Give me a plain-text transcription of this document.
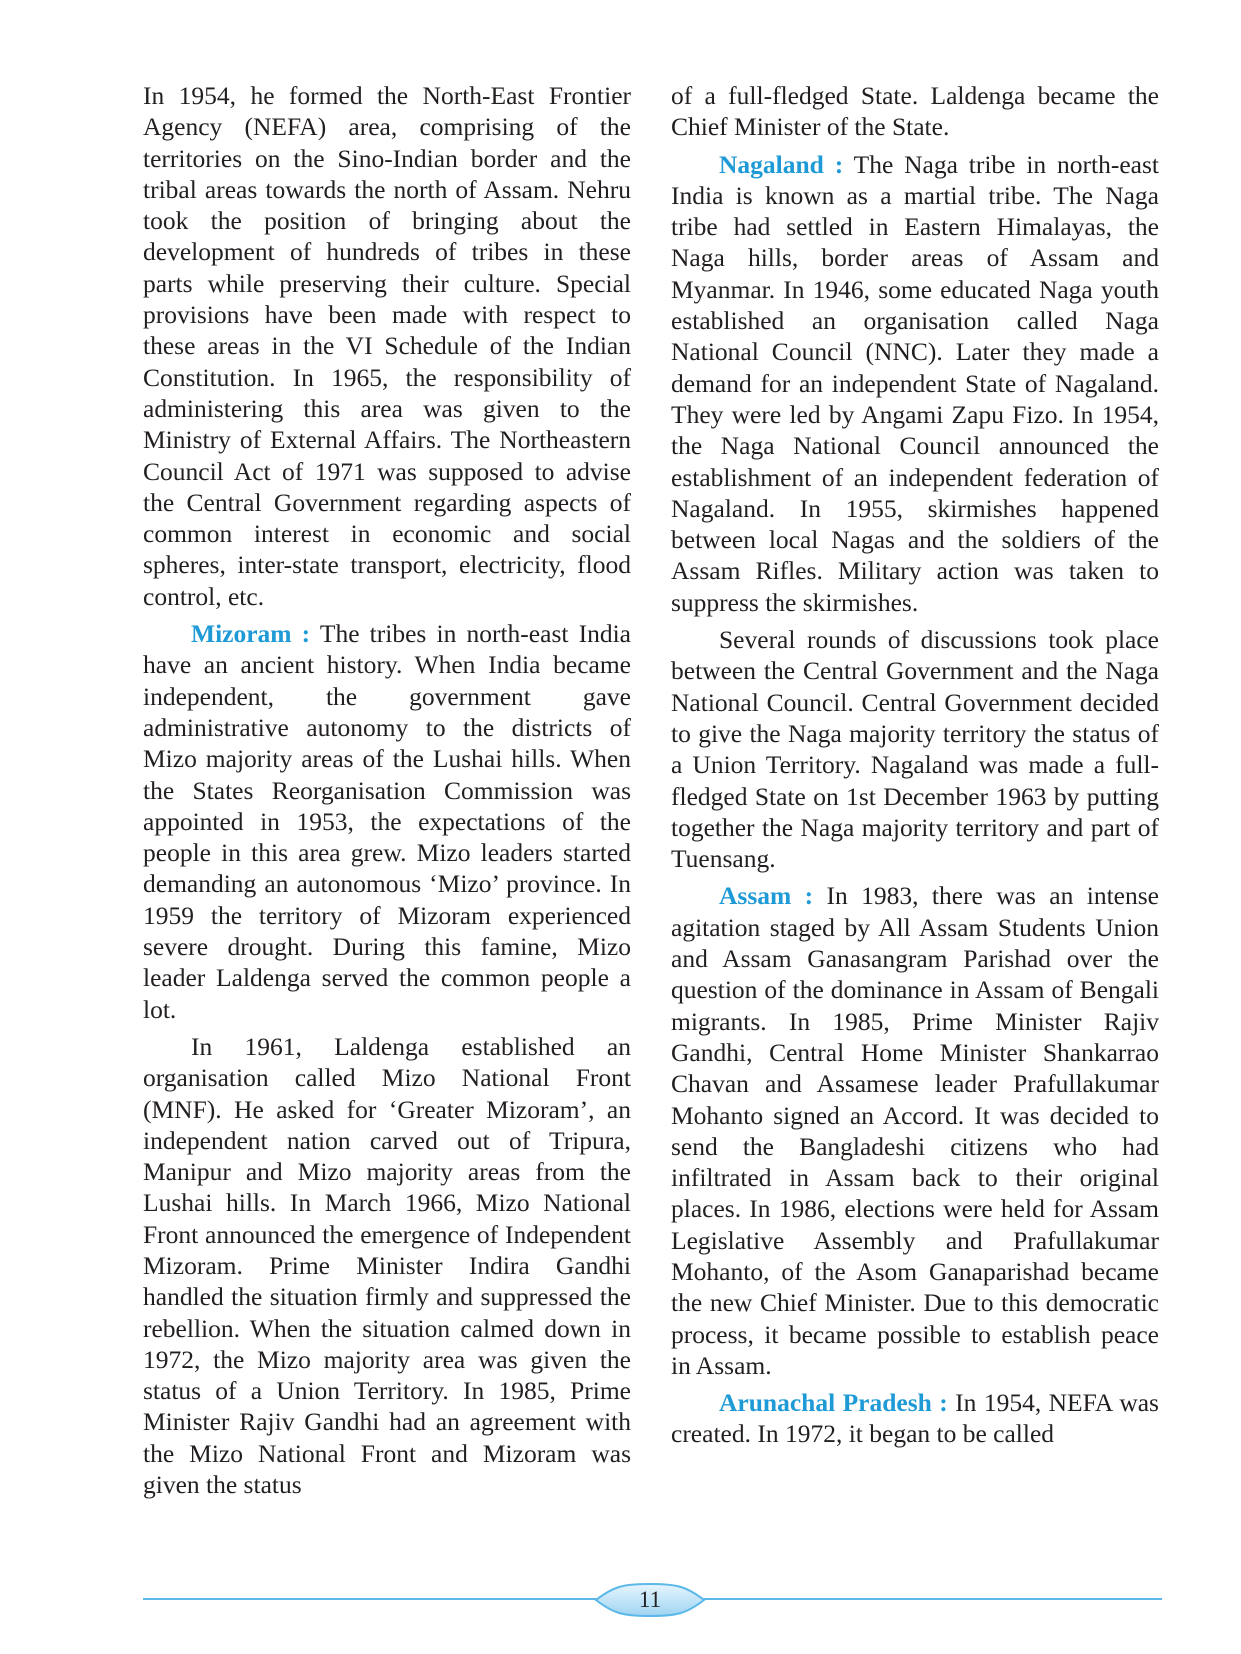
In 1954, he formed the North-East Frontier Agency (NEFA) area, comprising of the territories on the Sino-Indian border and the tribal areas towards the north of Assam. Nehru took the position of bringing about the development of hundreds of tribes in these parts while preserving their culture. Special provisions have been made with respect to these areas in the VI Schedule of the Indian Constitution. In 1965, the responsibility of administering this area was given to the Ministry of External Affairs. The Northeastern Council Act of 1971 was supposed to advise the Central Government regarding aspects of common interest in economic and social spheres, inter-state transport, electricity, flood control, etc.

Mizoram : The tribes in north-east India have an ancient history. When India became independent, the government gave administrative autonomy to the districts of Mizo majority areas of the Lushai hills. When the States Reorganisation Commission was appointed in 1953, the expectations of the people in this area grew. Mizo leaders started demanding an autonomous ‘Mizo’ province. In 1959 the territory of Mizoram experienced severe drought. During this famine, Mizo leader Laldenga served the common people a lot.

In 1961, Laldenga established an organisation called Mizo National Front (MNF). He asked for ‘Greater Mizoram’, an independent nation carved out of Tripura, Manipur and Mizo majority areas from the Lushai hills. In March 1966, Mizo National Front announced the emergence of Independent Mizoram. Prime Minister Indira Gandhi handled the situation firmly and suppressed the rebellion. When the situation calmed down in 1972, the Mizo majority area was given the status of a Union Territory. In 1985, Prime Minister Rajiv Gandhi had an agreement with the Mizo National Front and Mizoram was given the status

of a full-fledged State. Laldenga became the Chief Minister of the State.

Nagaland : The Naga tribe in north-east India is known as a martial tribe. The Naga tribe had settled in Eastern Himalayas, the Naga hills, border areas of Assam and Myanmar. In 1946, some educated Naga youth established an organisation called Naga National Council (NNC). Later they made a demand for an independent State of Nagaland. They were led by Angami Zapu Fizo. In 1954, the Naga National Council announced the establishment of an independent federation of Nagaland. In 1955, skirmishes happened between local Nagas and the soldiers of the Assam Rifles. Military action was taken to suppress the skirmishes.

Several rounds of discussions took place between the Central Government and the Naga National Council. Central Government decided to give the Naga majority territory the status of a Union Territory. Nagaland was made a full-fledged State on 1st December 1963 by putting together the Naga majority territory and part of Tuensang.

Assam : In 1983, there was an intense agitation staged by All Assam Students Union and Assam Ganasangram Parishad over the question of the dominance in Assam of Bengali migrants. In 1985, Prime Minister Rajiv Gandhi, Central Home Minister Shankarrao Chavan and Assamese leader Prafullakumar Mohanto signed an Accord. It was decided to send the Bangladeshi citizens who had infiltrated in Assam back to their original places. In 1986, elections were held for Assam Legislative Assembly and Prafullakumar Mohanto, of the Asom Ganaparishad became the new Chief Minister. Due to this democratic process, it became possible to establish peace in Assam.

Arunachal Pradesh : In 1954, NEFA was created. In 1972, it began to be called

11
